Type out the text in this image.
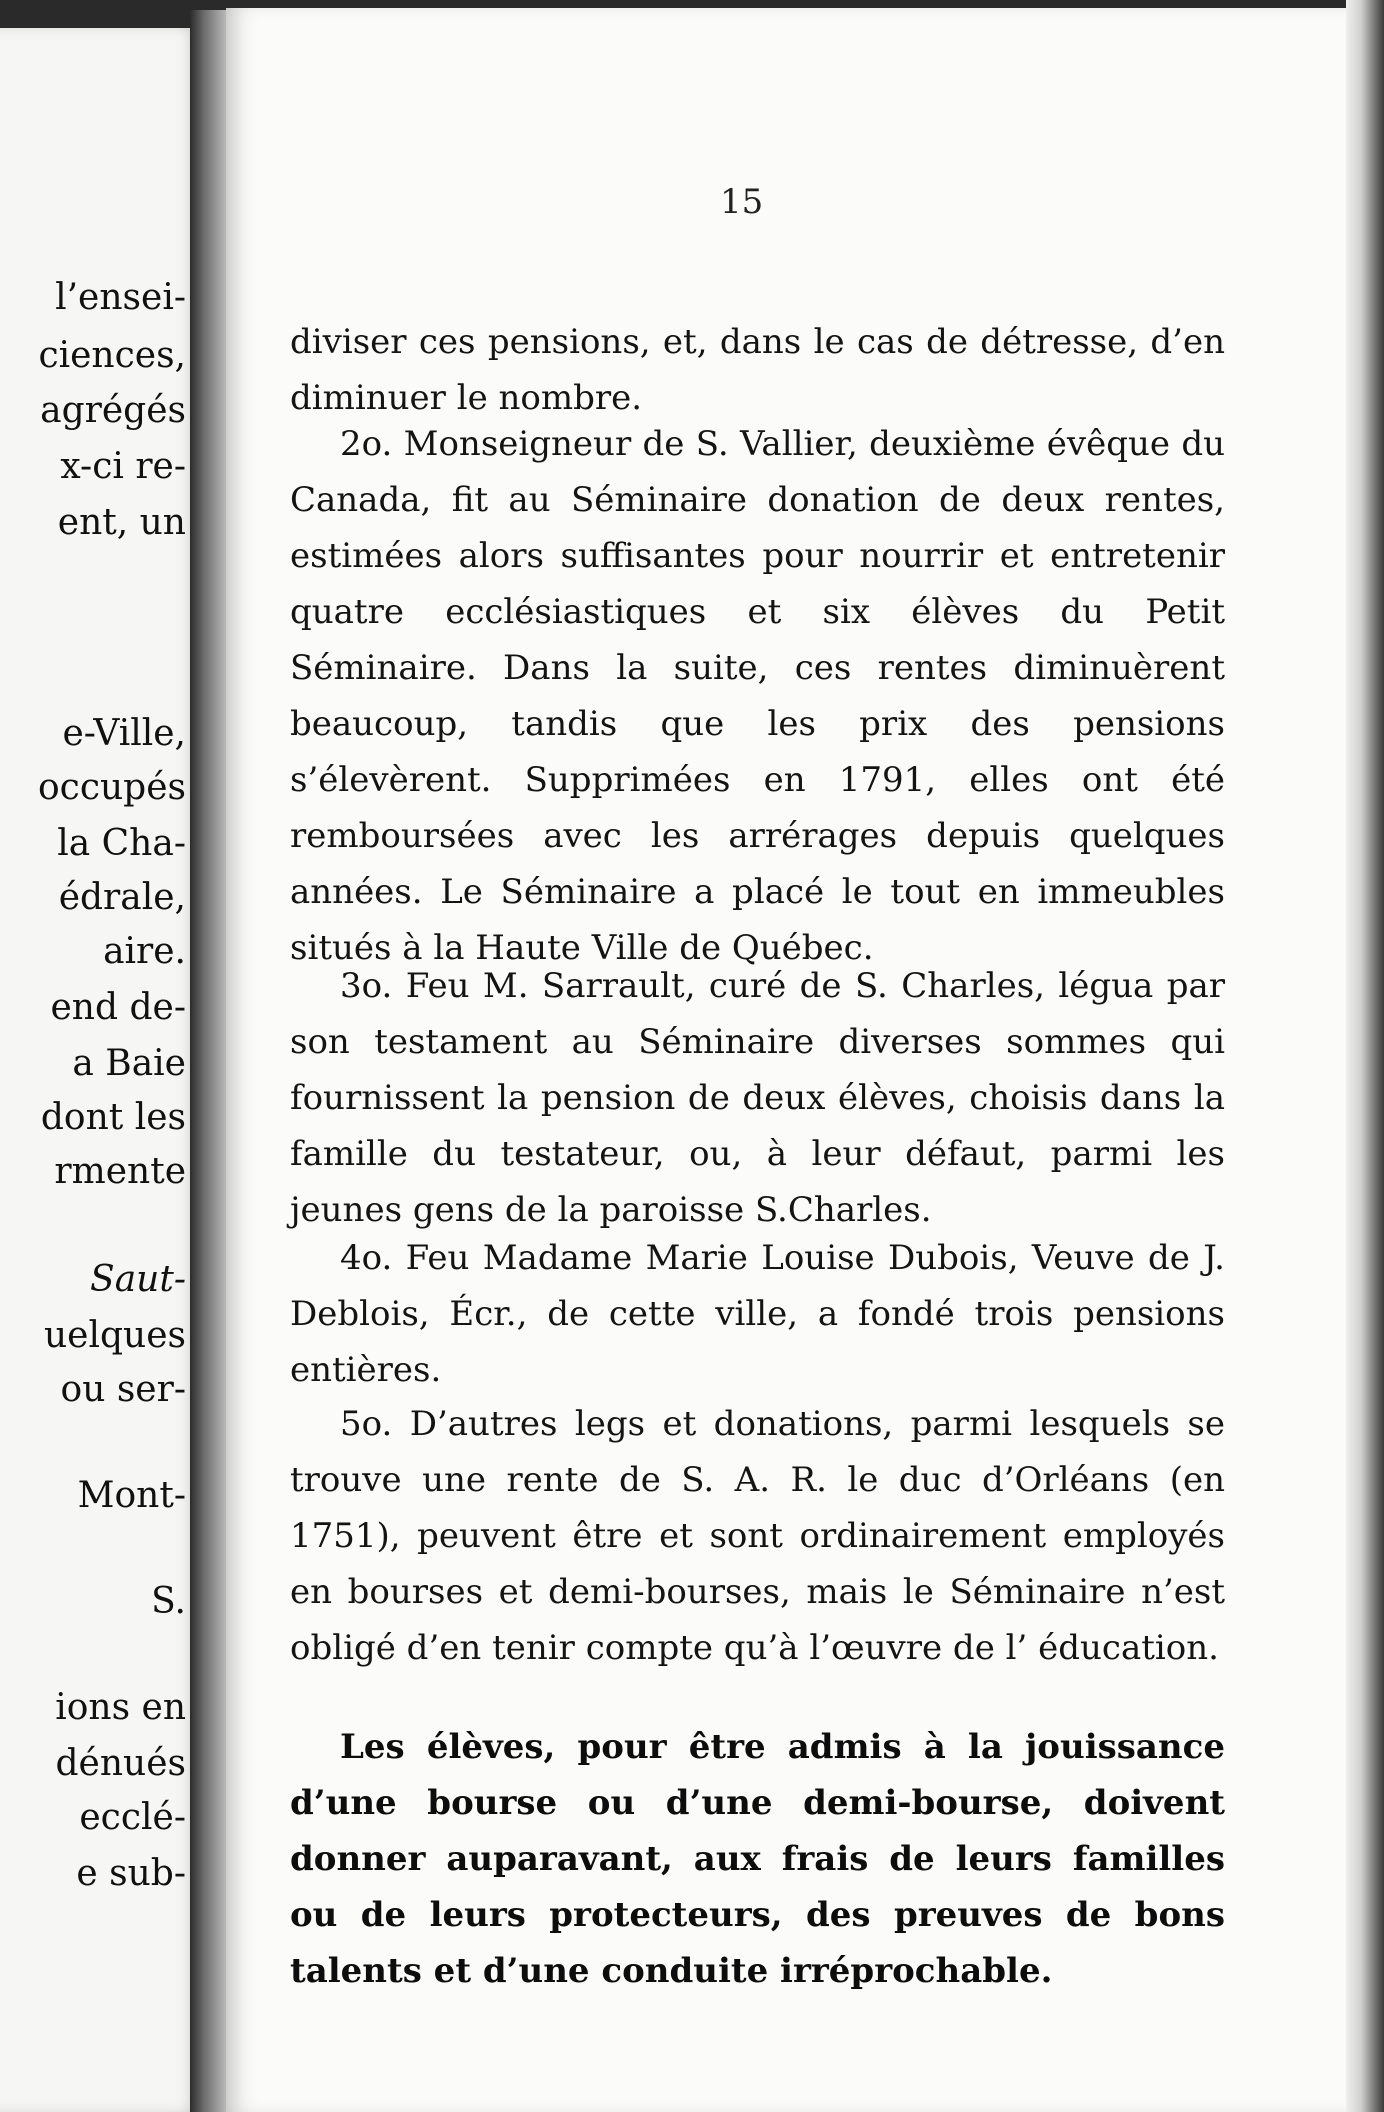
l’ensei-
ciences,
agrégés
x-ci re-
ent, un
e-Ville,
occupés
la Cha-
édrale,
aire.
end de-
a Baie
dont les
rmente
Saut-
uelques
ou ser-
Mont-
S.
ions en
dénués
ecclé-
e sub-
15

diviser ces pensions, et, dans le cas de détresse, d’en diminuer le nombre.

2o. Monseigneur de S. Vallier, deuxième évêque du Canada, fit au Séminaire donation de deux rentes, estimées alors suffisantes pour nourrir et entretenir quatre ecclésiastiques et six élèves du Petit Séminaire. Dans la suite, ces rentes diminuèrent beaucoup, tandis que les prix des pensions s’élevèrent. Supprimées en 1791, elles ont été remboursées avec les arrérages depuis quelques années. Le Séminaire a placé le tout en immeubles situés à la Haute Ville de Québec.

3o. Feu M. Sarrault, curé de S. Charles, légua par son testament au Séminaire diverses sommes qui fournissent la pension de deux élèves, choisis dans la famille du testateur, ou, à leur défaut, parmi les jeunes gens de la paroisse S.Charles.

4o. Feu Madame Marie Louise Dubois, Veuve de J. Deblois, Écr., de cette ville, a fondé trois pensions entières.

5o. D’autres legs et donations, parmi lesquels se trouve une rente de S. A. R. le duc d’Orléans (en 1751), peuvent être et sont ordinairement employés en bourses et demi-bourses, mais le Séminaire n’est obligé d’en tenir compte qu’à l’œuvre de l’ éducation.

Les élèves, pour être admis à la jouissance d’une bourse ou d’une demi-bourse, doivent donner auparavant, aux frais de leurs familles ou de leurs protecteurs, des preuves de bons talents et d’une conduite irréprochable.
